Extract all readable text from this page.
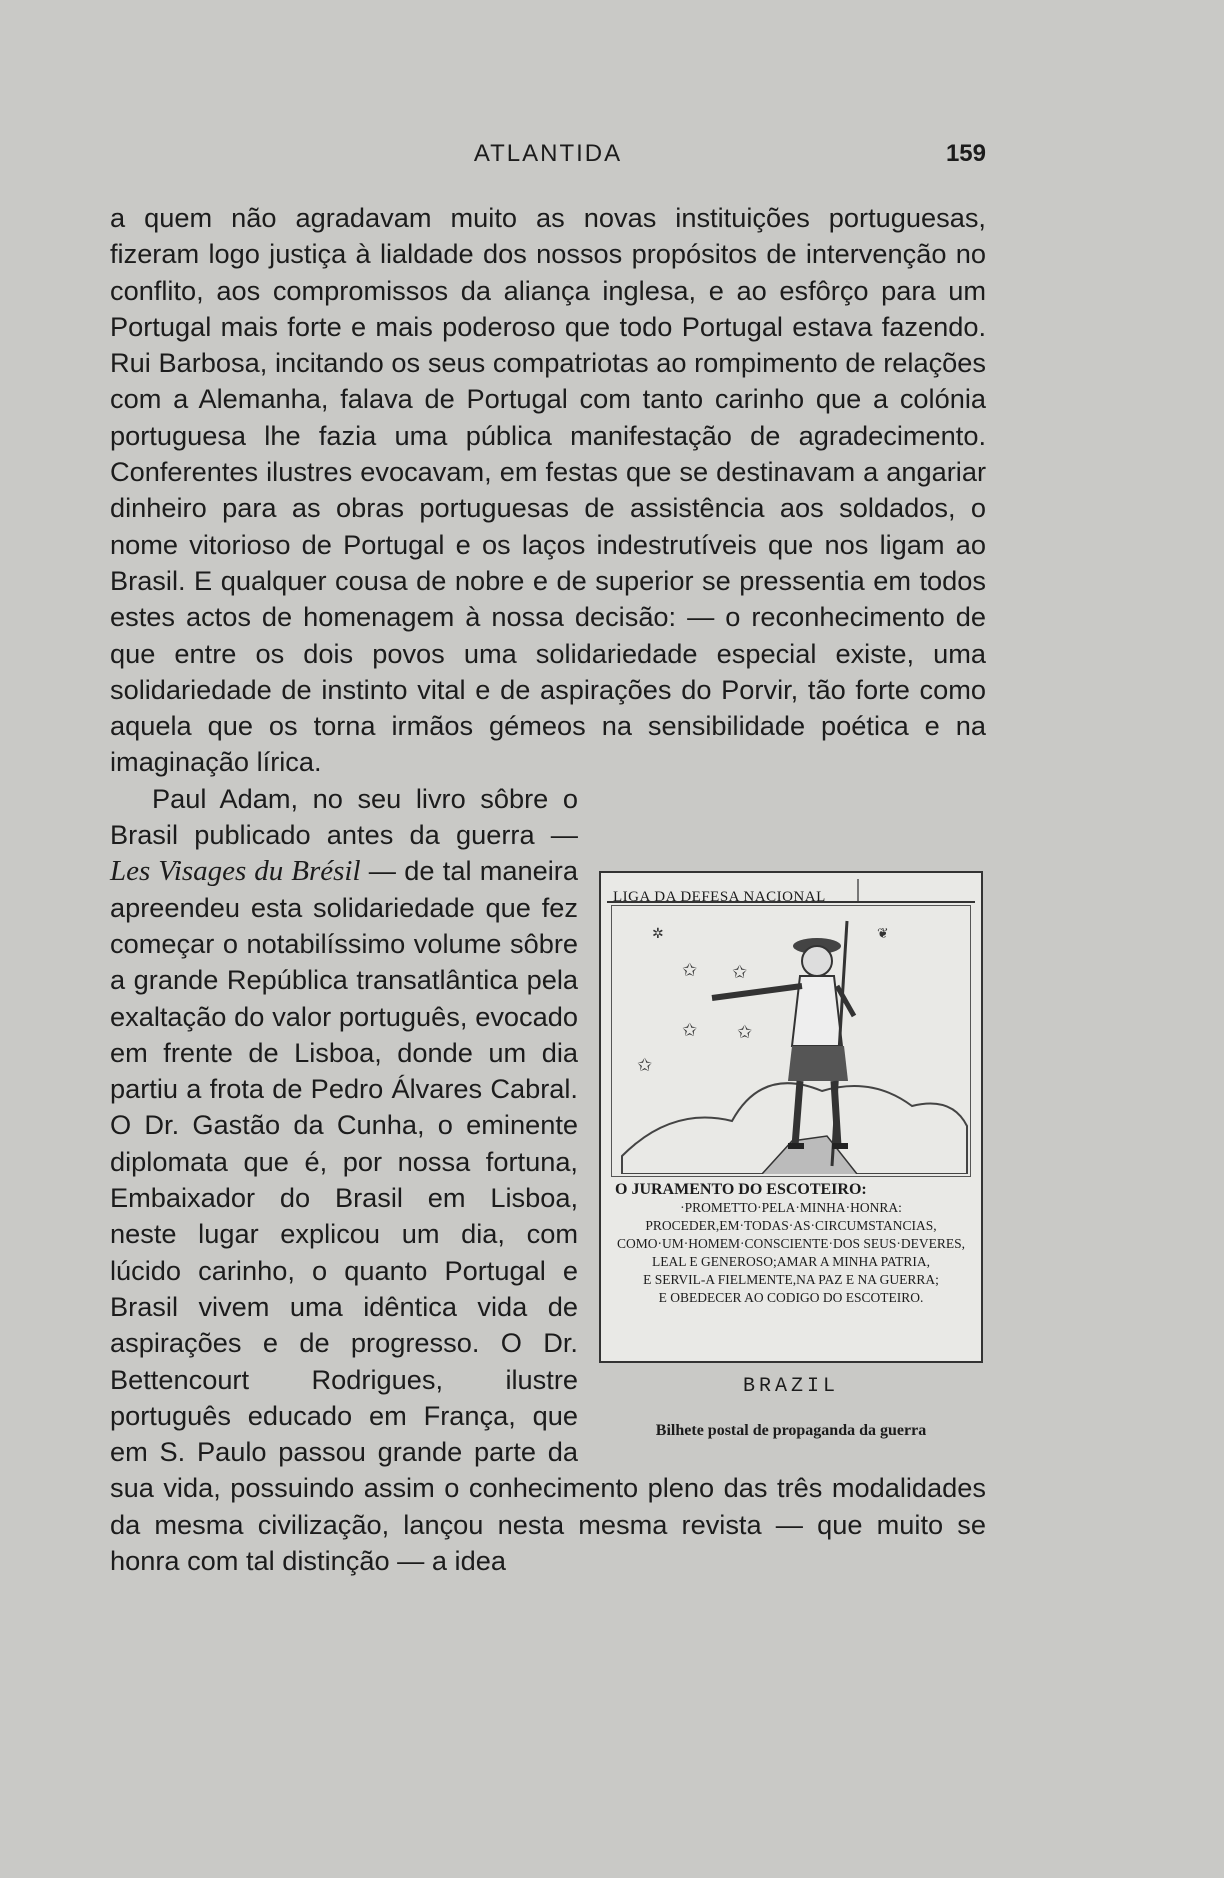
ATLANTIDA	159

a quem não agradavam muito as novas instituições portuguesas, fizeram logo justiça à lialdade dos nossos propósitos de intervenção no conflito, aos compromissos da aliança inglesa, e ao esfôrço para um Portugal mais forte e mais poderoso que todo Portugal estava fazendo. Rui Barbosa, incitando os seus compatriotas ao rompimento de relações com a Alemanha, falava de Portugal com tanto carinho que a colónia portuguesa lhe fazia uma pública manifestação de agradecimento. Conferentes ilustres evocavam, em festas que se destinavam a angariar dinheiro para as obras portuguesas de assistência aos soldados, o nome vitorioso de Portugal e os laços indestrutíveis que nos ligam ao Brasil. E qualquer cousa de nobre e de superior se pressentia em todos estes actos de homenagem à nossa decisão: — o reconhecimento de que entre os dois povos uma solidariedade especial existe, uma solidariedade de instinto vital e de aspirações do Porvir, tão forte como aquela que os torna irmãos gémeos na sensibilidade poética e na imaginação lírica.

LIGA DA DEFESA NACIONAL
✲	❦
✩ ✩
✩ ✩
✩
O JURAMENTO DO ESCOTEIRO:
·PROMETTO·PELA·MINHA·HONRA:
PROCEDER,EM·TODAS·AS·CIRCUMSTANCIAS,
COMO·UM·HOMEM·CONSCIENTE·DOS SEUS·DEVERES,
LEAL E GENEROSO;AMAR A MINHA PATRIA,
E SERVIL-A FIELMENTE,NA PAZ E NA GUERRA;
E OBEDECER AO CODIGO DO ESCOTEIRO.
BRAZIL
Bilhete postal de propaganda da guerra

Paul Adam, no seu livro sôbre o Brasil publicado antes da guerra — Les Visages du Brésil — de tal maneira apreendeu esta solidariedade que fez começar o notabilíssimo volume sôbre a grande República transatlântica pela exaltação do valor português, evocado em frente de Lisboa, donde um dia partiu a frota de Pedro Álvares Cabral. O Dr. Gastão da Cunha, o eminente diplomata que é, por nossa fortuna, Embaixador do Brasil em Lisboa, neste lugar explicou um dia, com lúcido carinho, o quanto Portugal e Brasil vivem uma idêntica vida de aspirações e de progresso. O Dr. Bettencourt Rodrigues, ilustre português educado em França, que em S. Paulo passou grande parte da sua vida, possuindo assim o conhecimento pleno das três modalidades da mesma civilização, lançou nesta mesma revista — que muito se honra com tal distinção — a idea
